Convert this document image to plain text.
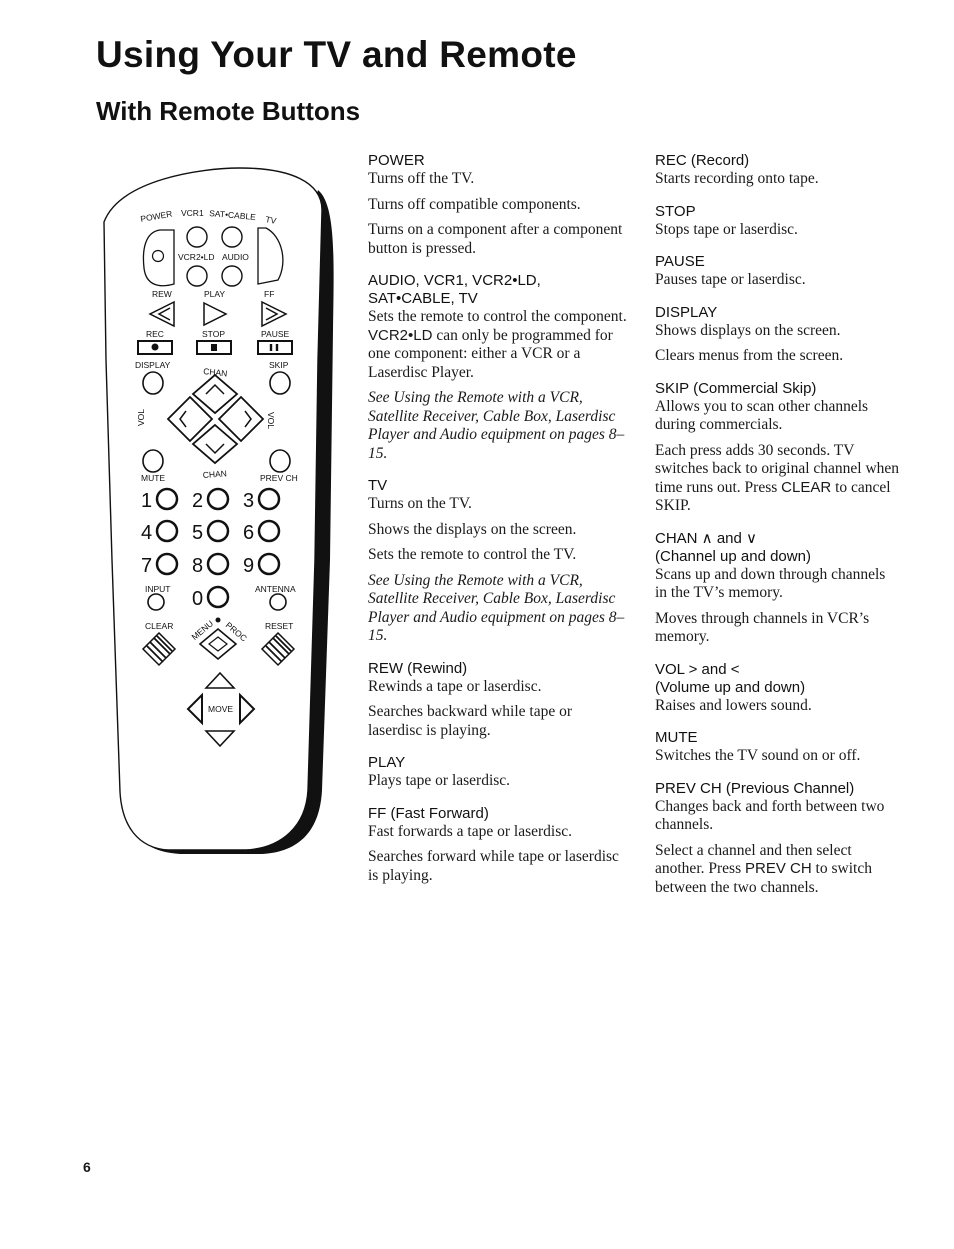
Using Your TV and Remote
With Remote Buttons
POWER VCR1 SAT•CABLE TV
VCR2•LD AUDIO
REW	PLAY	FF
REC	STOP	PAUSE
DISPLAY
CHAN
SKIP
VOL	VOL
MUTE	CHAN	PREV CH
1 2 3
4 5 6
7 8 9
INPUT	ANTENNA
0
CLEAR MENU PROC RESET
MOVE
POWER

Turns off the TV.

Turns off compatible components.

Turns on a component after a component button is pressed.

AUDIO, VCR1, VCR2•LD, SAT•CABLE, TV

Sets the remote to control the component. VCR2•LD can only be programmed for one component: either a VCR or a Laserdisc Player.

See Using the Remote with a VCR, Satellite Receiver, Cable Box, Laserdisc Player and Audio equipment on pages 8–15.

TV

Turns on the TV.

Shows the displays on the screen.

Sets the remote to control the TV.

See Using the Remote with a VCR, Satellite Receiver, Cable Box, Laserdisc Player and Audio equipment on pages 8–15.

REW (Rewind)

Rewinds a tape or laserdisc.

Searches backward while tape or laserdisc is playing.

PLAY

Plays tape or laserdisc.

FF (Fast Forward)

Fast forwards a tape or laserdisc.

Searches forward while tape or laserdisc is playing.

REC (Record)

Starts recording onto tape.

STOP

Stops tape or laserdisc.

PAUSE

Pauses tape or laserdisc.

DISPLAY

Shows displays on the screen.

Clears menus from the screen.

SKIP (Commercial Skip)

Allows you to scan other channels during commercials.

Each press adds 30 seconds. TV switches back to original channel when time runs out. Press CLEAR to cancel SKIP.

CHAN ∧ and ∨
(Channel up and down)

Scans up and down through channels in the TV’s memory.

Moves through channels in VCR’s memory.

VOL > and <
(Volume up and down)

Raises and lowers sound.

MUTE

Switches the TV sound on or off.

PREV CH (Previous Channel)

Changes back and forth between two channels.

Select a channel and then select another. Press PREV CH to switch between the two channels.

6
